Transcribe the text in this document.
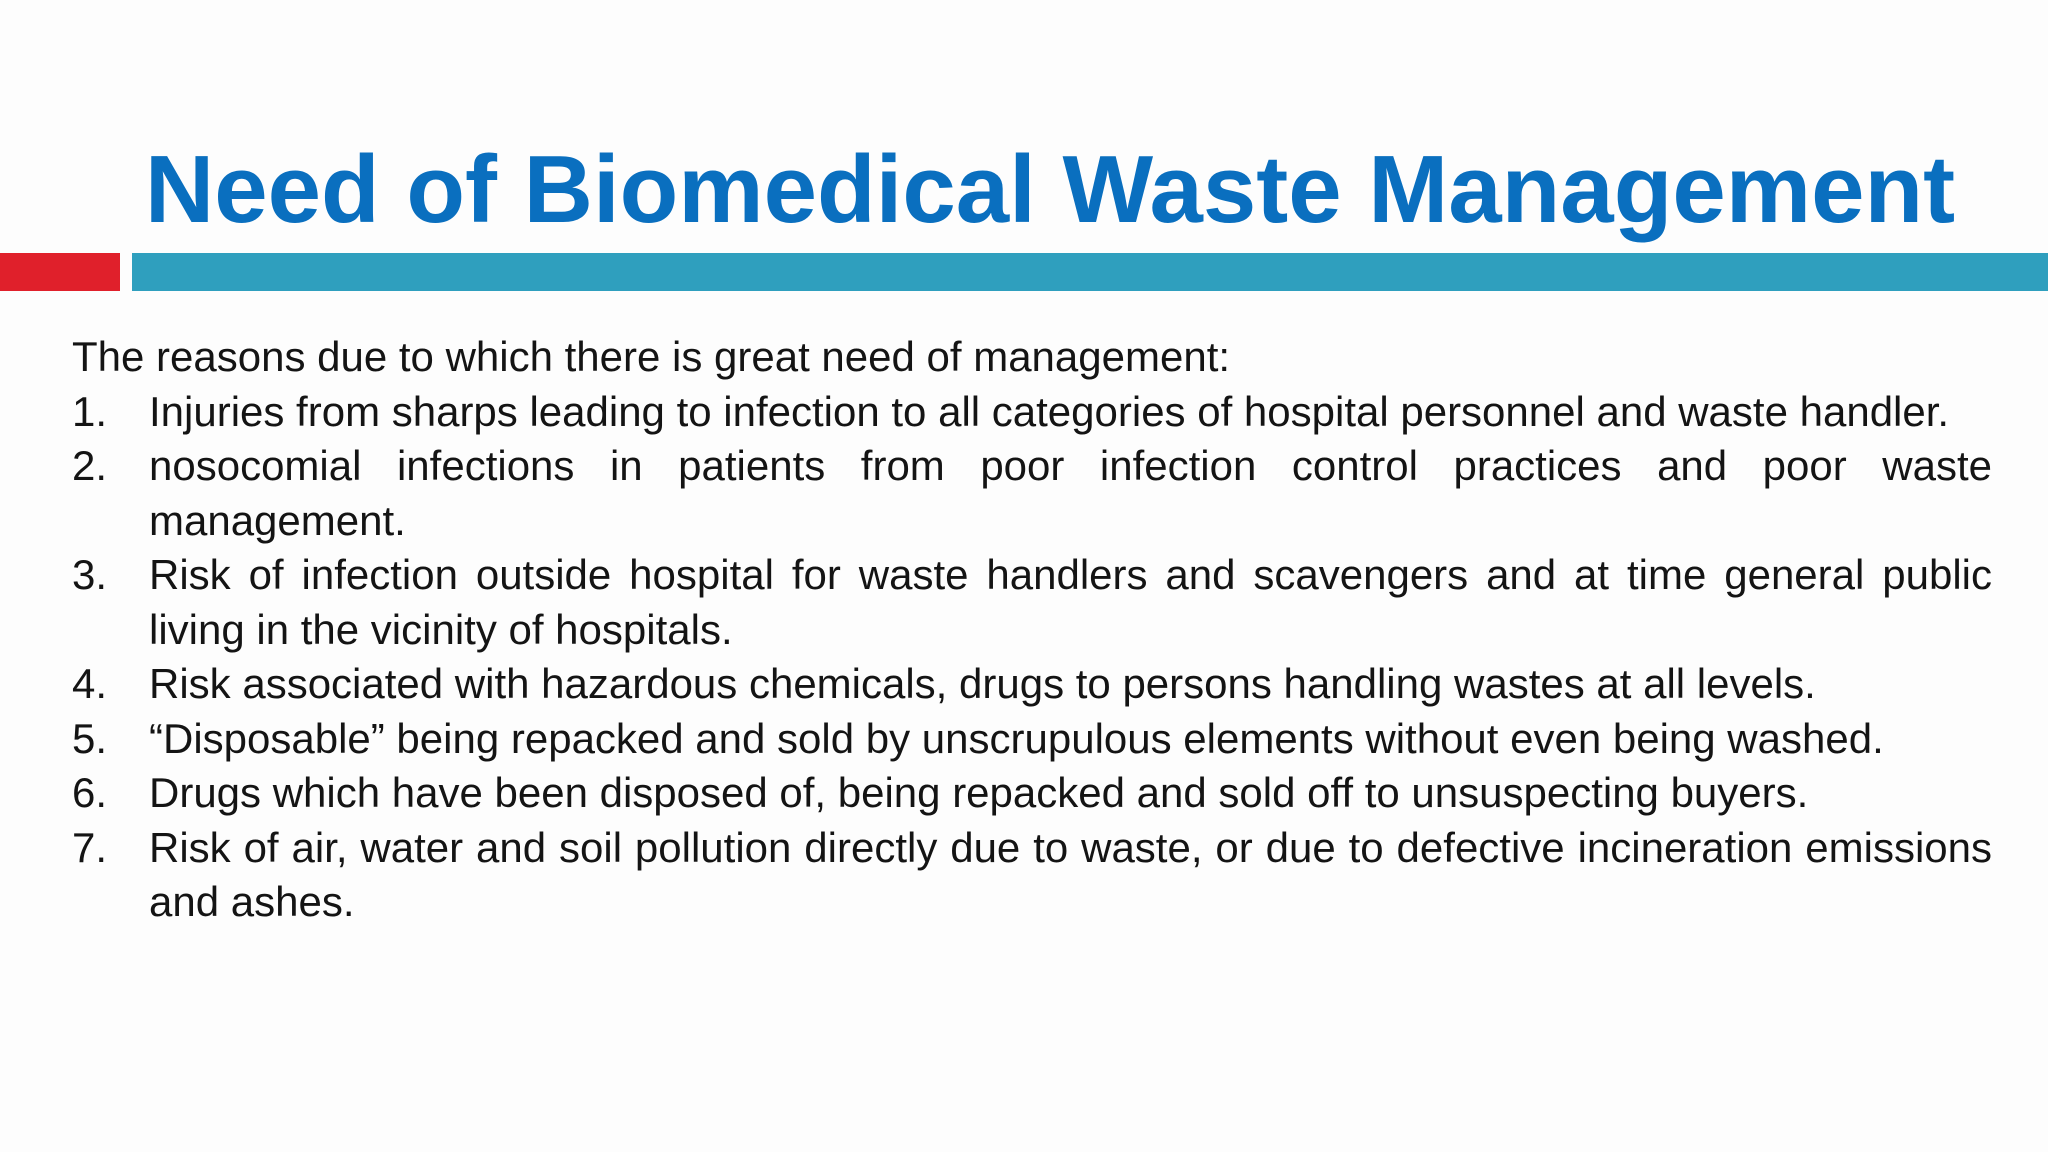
Need of Biomedical Waste Management

The reasons due to which there is great need of management:

1. Injuries from sharps leading to infection to all categories of hospital personnel and waste handler.
2. nosocomial infections in patients from poor infection control practices and poor waste management.
3. Risk of infection outside hospital for waste handlers and scavengers and at time general public living in the vicinity of hospitals.
4. Risk associated with hazardous chemicals, drugs to persons handling wastes at all levels.
5. “Disposable” being repacked and sold by unscrupulous elements without even being washed.
6. Drugs which have been disposed of, being repacked and sold off to unsuspecting buyers.
7. Risk of air, water and soil pollution directly due to waste, or due to defective incineration emissions and ashes.
